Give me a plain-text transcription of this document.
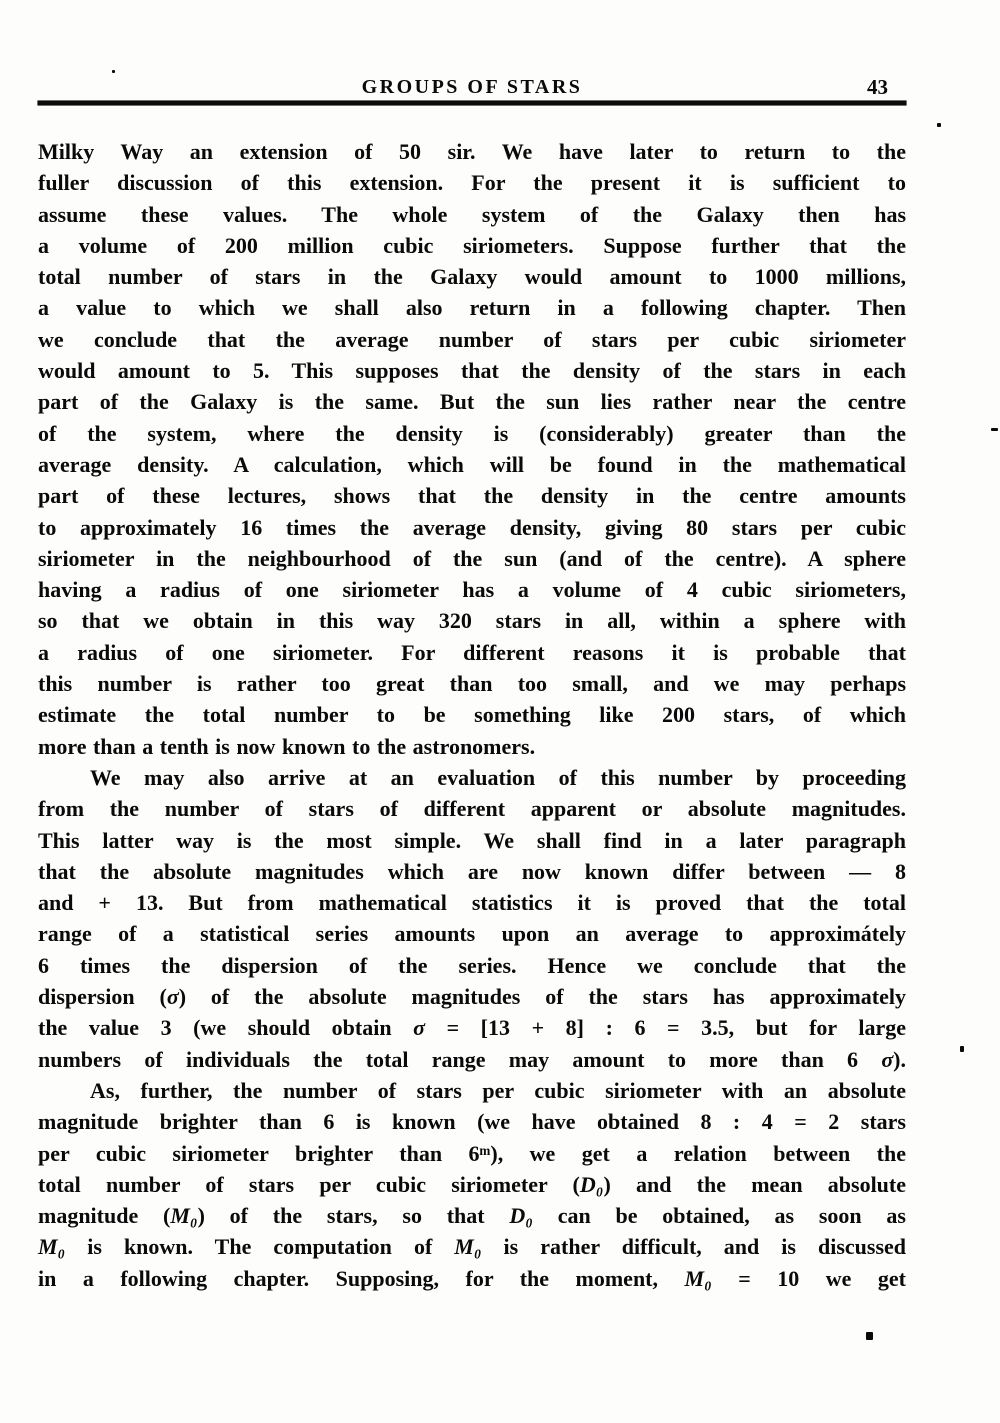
GROUPS OF STARS	43
Milky Way an extension of 50 sir. We have later to return to the
fuller discussion of this extension. For the present it is sufficient to
assume these values. The whole system of the Galaxy then has
a volume of 200 million cubic siriometers. Suppose further that the
total number of stars in the Galaxy would amount to 1000 millions,
a value to which we shall also return in a following chapter. Then
we conclude that the average number of stars per cubic siriometer
would amount to 5. This supposes that the density of the stars in each
part of the Galaxy is the same. But the sun lies rather near the centre
of the system, where the density is (considerably) greater than the
average density. A calculation, which will be found in the mathematical
part of these lectures, shows that the density in the centre amounts
to approximately 16 times the average density, giving 80 stars per cubic
siriometer in the neighbourhood of the sun (and of the centre). A sphere
having a radius of one siriometer has a volume of 4 cubic siriometers,
so that we obtain in this way 320 stars in all, within a sphere with
a radius of one siriometer. For different reasons it is probable that
this number is rather too great than too small, and we may perhaps
estimate the total number to be something like 200 stars, of which
more than a tenth is now known to the astronomers.
We may also arrive at an evaluation of this number by proceeding
from the number of stars of different apparent or absolute magnitudes.
This latter way is the most simple. We shall find in a later paragraph
that the absolute magnitudes which are now known differ between — 8
and + 13. But from mathematical statistics it is proved that the total
range of a statistical series amounts upon an average to approximátely
6 times the dispersion of the series. Hence we conclude that the
dispersion (σ) of the absolute magnitudes of the stars has approximately
the value 3 (we should obtain σ = [13 + 8] : 6 = 3.5, but for large
numbers of individuals the total range may amount to more than 6 σ).
As, further, the number of stars per cubic siriometer with an absolute
magnitude brighter than 6 is known (we have obtained 8 : 4 = 2 stars
per cubic siriometer brighter than 6ᵐ), we get a relation between the
total number of stars per cubic siriometer (D₀) and the mean absolute
magnitude (M₀) of the stars, so that D₀ can be obtained, as soon as
M₀ is known. The computation of M₀ is rather difficult, and is discussed
in a following chapter. Supposing, for the moment, M₀ = 10 we get
